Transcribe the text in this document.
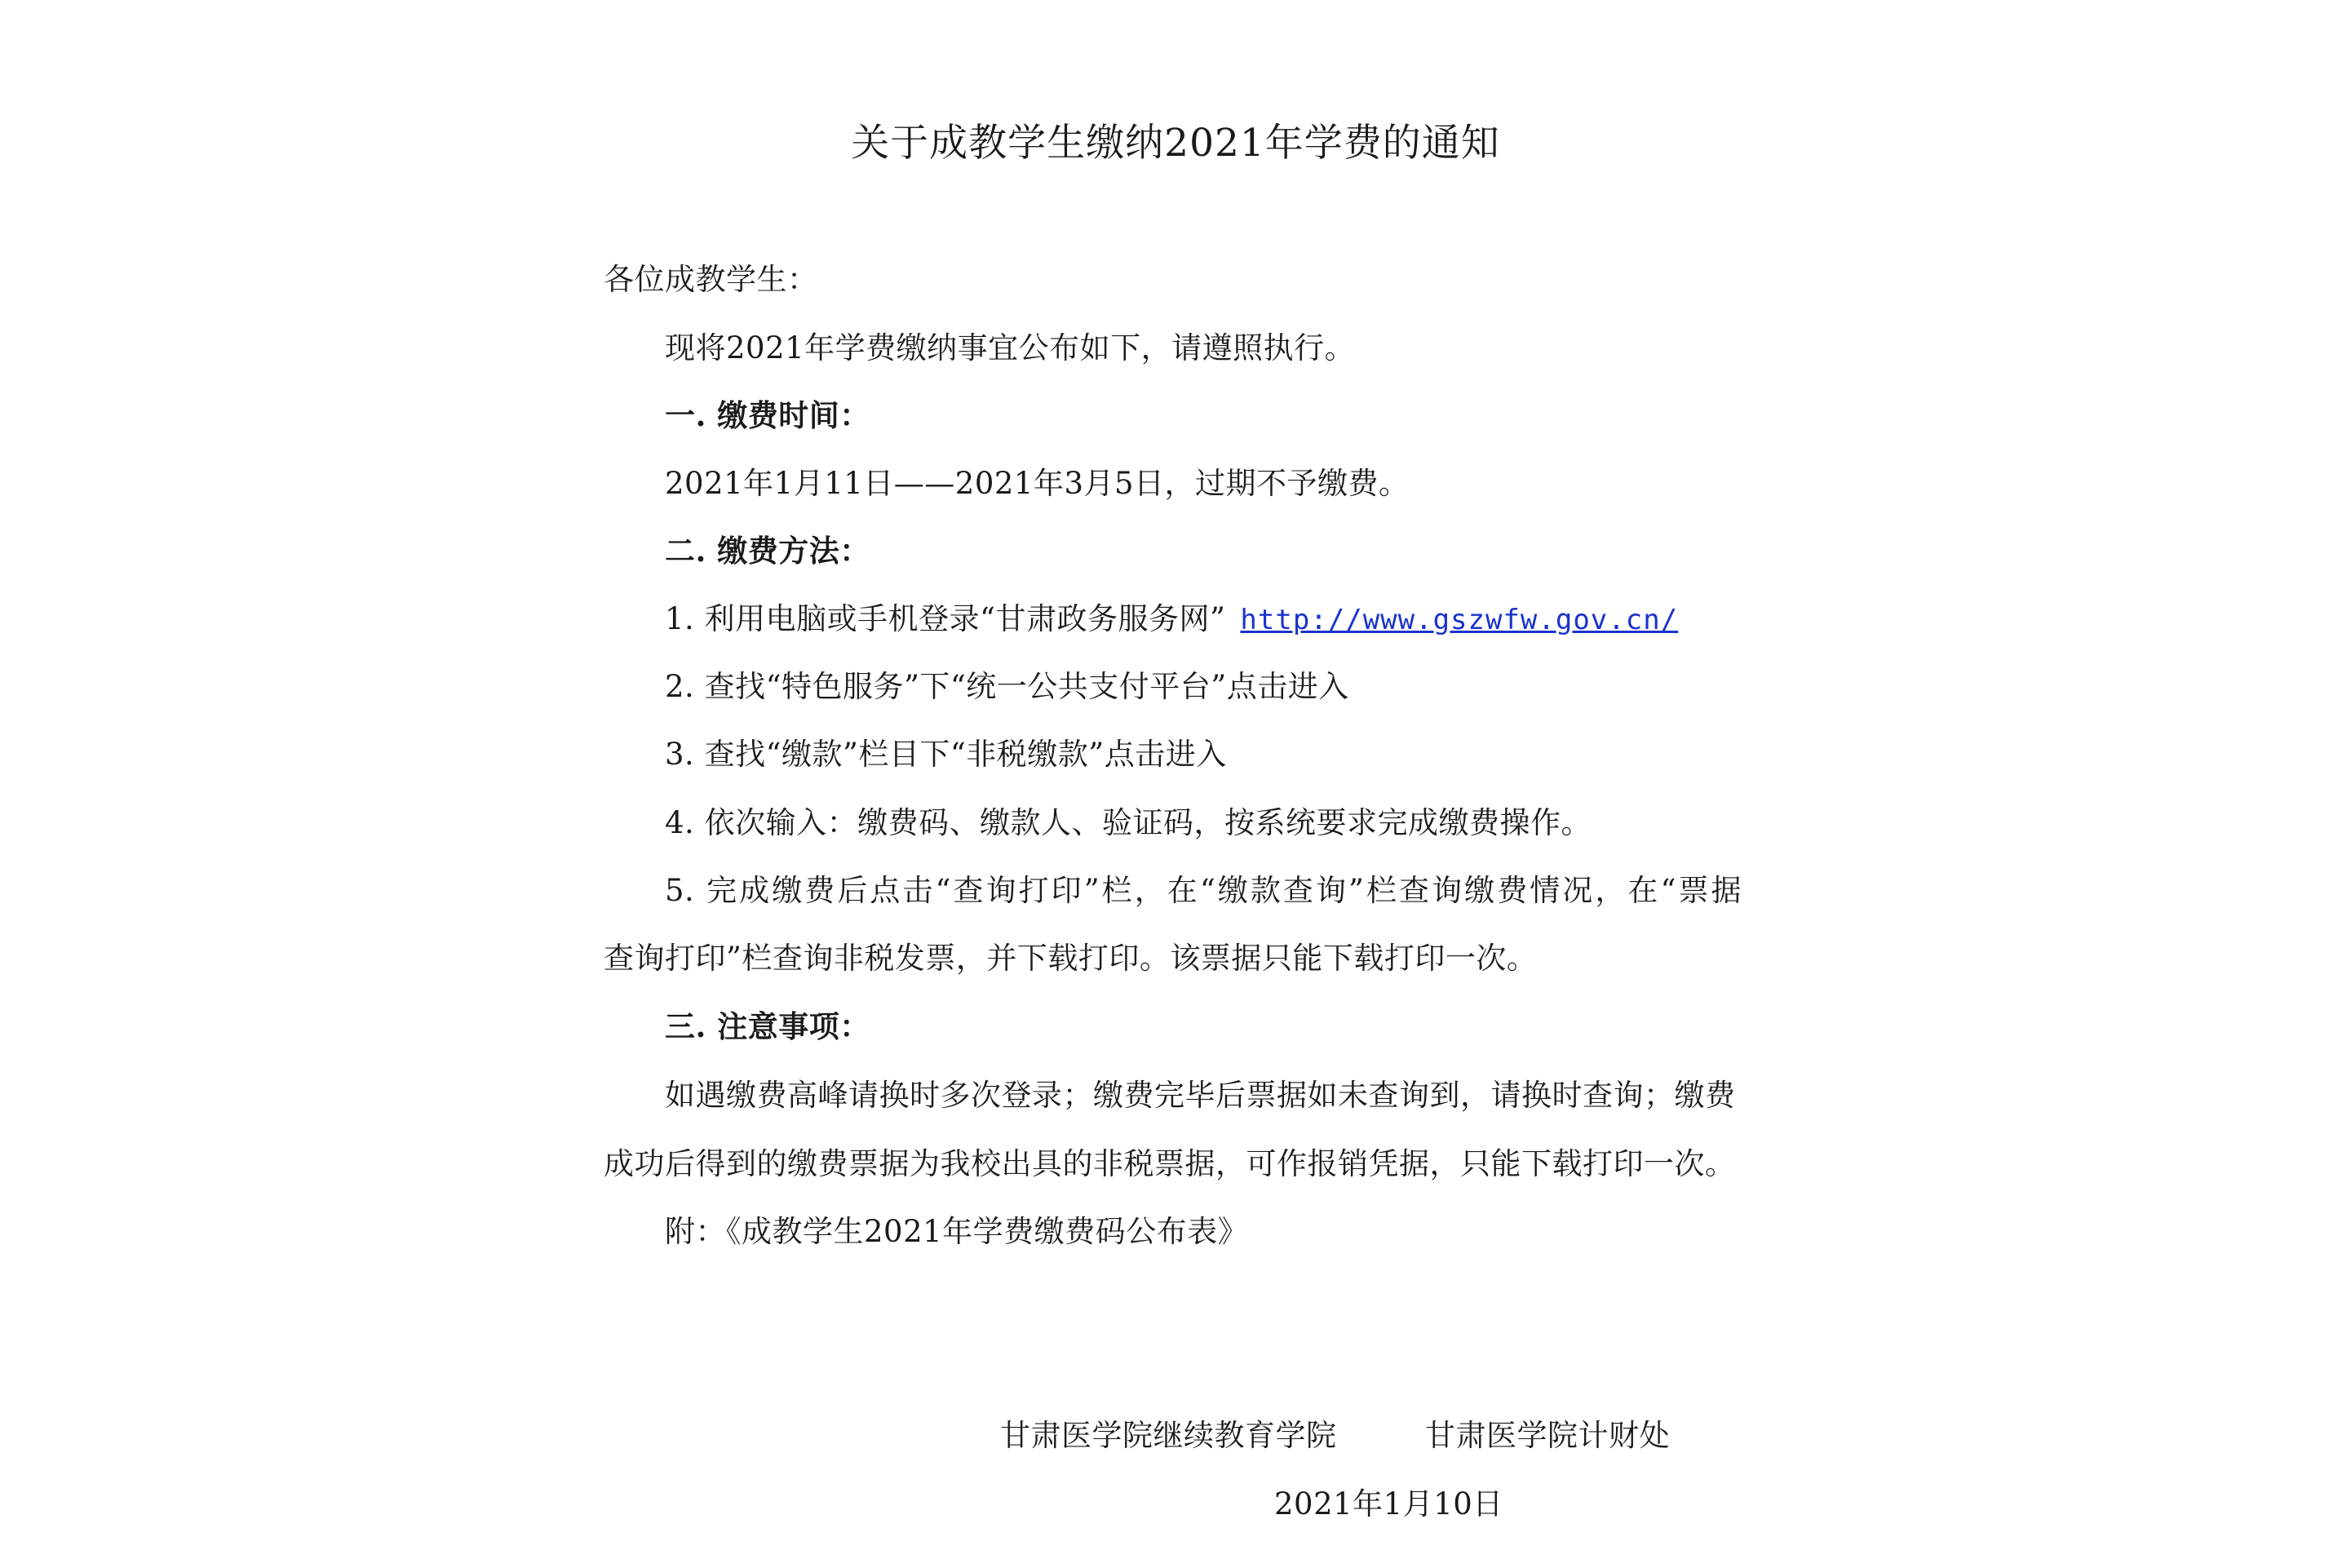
关于成教学生缴纳2021年学费的通知
各位成教学生：
现将2021年学费缴纳事宜公布如下，请遵照执行。
一. 缴费时间：
2021年1月11日——2021年3月5日，过期不予缴费。
二. 缴费方法：
1. 利用电脑或手机登录“甘肃政务服务网” http://www.gszwfw.gov.cn/
2. 查找“特色服务”下“统一公共支付平台”点击进入
3. 查找“缴款”栏目下“非税缴款”点击进入
4. 依次输入：缴费码、缴款人、验证码，按系统要求完成缴费操作。
5. 完成缴费后点击“查询打印”栏，在“缴款查询”栏查询缴费情况，在“票据
查询打印”栏查询非税发票，并下载打印。该票据只能下载打印一次。
三. 注意事项：
如遇缴费高峰请换时多次登录；缴费完毕后票据如未查询到，请换时查询；缴费
成功后得到的缴费票据为我校出具的非税票据，可作报销凭据，只能下载打印一次。
附：《成教学生2021年学费缴费码公布表》
甘肃医学院继续教育学院	甘肃医学院计财处
2021年1月10日
